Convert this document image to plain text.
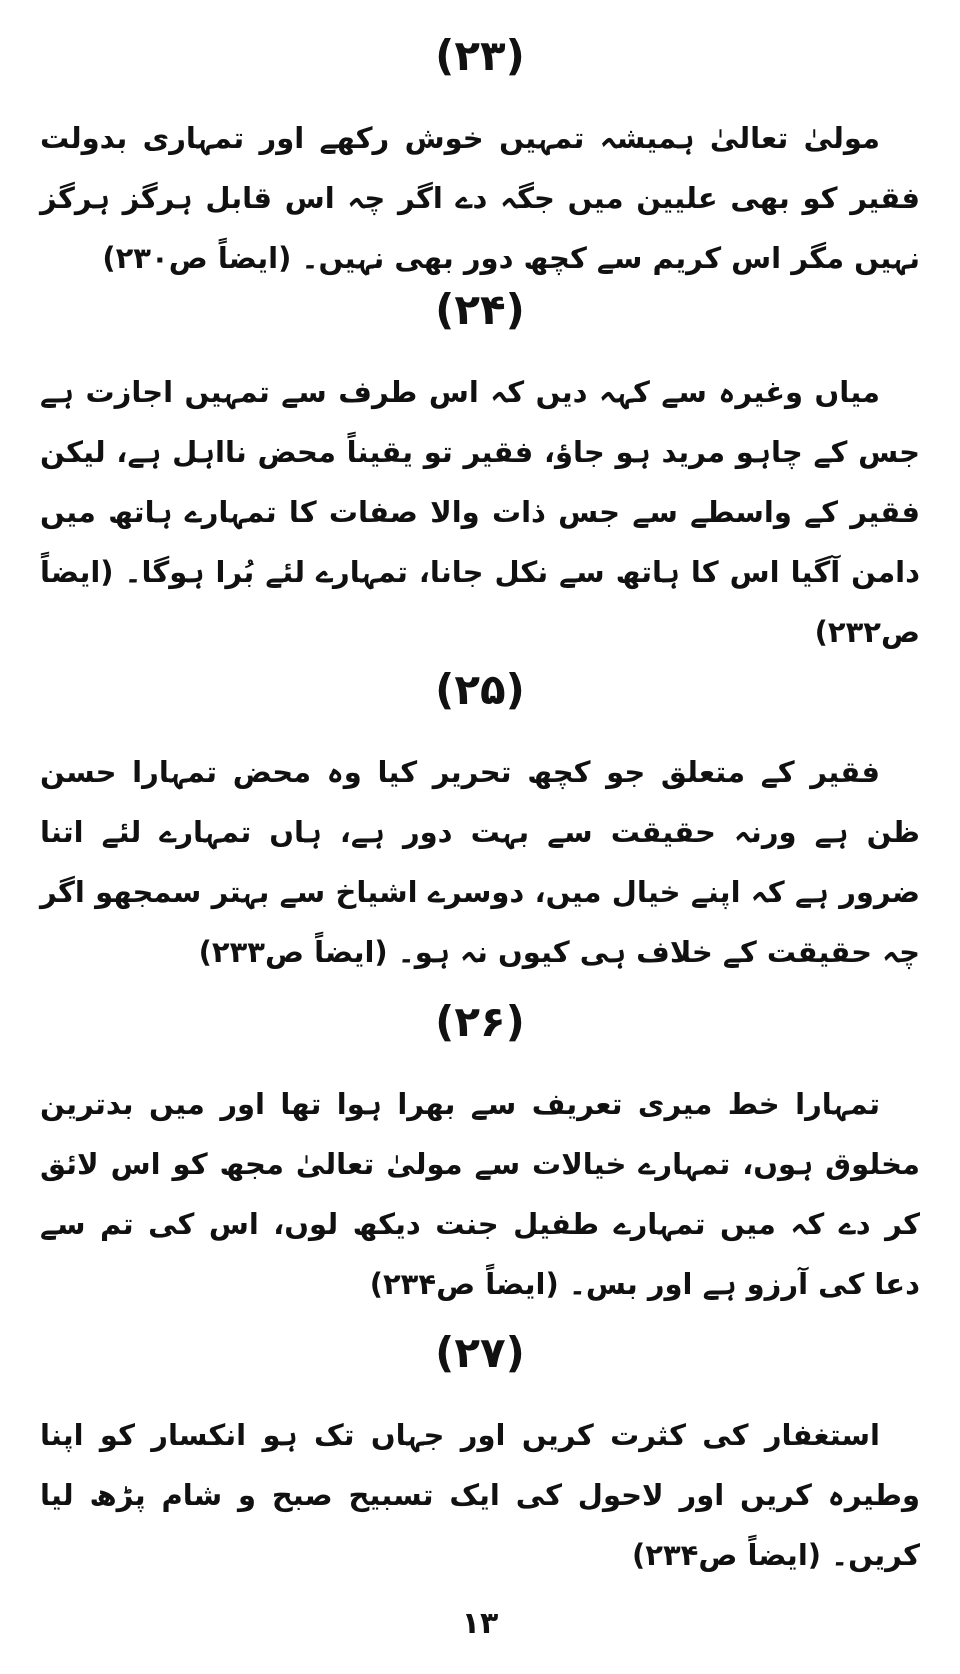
(۲۳)
مولیٰ تعالیٰ ہمیشہ تمہیں خوش رکھے اور تمہاری بدولت فقیر کو بھی علیین میں جگہ دے اگر چہ اس قابل ہرگز ہرگز نہیں مگر اس کریم سے کچھ دور بھی نہیں۔ (ایضاً ص۲۳۰)
(۲۴)
میاں وغیرہ سے کہہ دیں کہ اس طرف سے تمہیں اجازت ہے جس کے چاہو مرید ہو جاؤ، فقیر تو یقیناً محض نااہل ہے، لیکن فقیر کے واسطے سے جس ذات والا صفات کا تمہارے ہاتھ میں دامن آگیا اس کا ہاتھ سے نکل جانا، تمہارے لئے بُرا ہوگا۔ (ایضاً ص۲۳۲)
(۲۵)
فقیر کے متعلق جو کچھ تحریر کیا وہ محض تمہارا حسن ظن ہے ورنہ حقیقت سے بہت دور ہے، ہاں تمہارے لئے اتنا ضرور ہے کہ اپنے خیال میں، دوسرے اشیاخ سے بہتر سمجھو اگر چہ حقیقت کے خلاف ہی کیوں نہ ہو۔ (ایضاً ص۲۳۳)
(۲۶)
تمہارا خط میری تعریف سے بھرا ہوا تھا اور میں بدترین مخلوق ہوں، تمہارے خیالات سے مولیٰ تعالیٰ مجھ کو اس لائق کر دے کہ میں تمہارے طفیل جنت دیکھ لوں، اس کی تم سے دعا کی آرزو ہے اور بس۔ (ایضاً ص۲۳۴)
(۲۷)
استغفار کی کثرت کریں اور جہاں تک ہو انکسار کو اپنا وطیرہ کریں اور لاحول کی ایک تسبیح صبح و شام پڑھ لیا کریں۔ (ایضاً ص۲۳۴)
۱۳
